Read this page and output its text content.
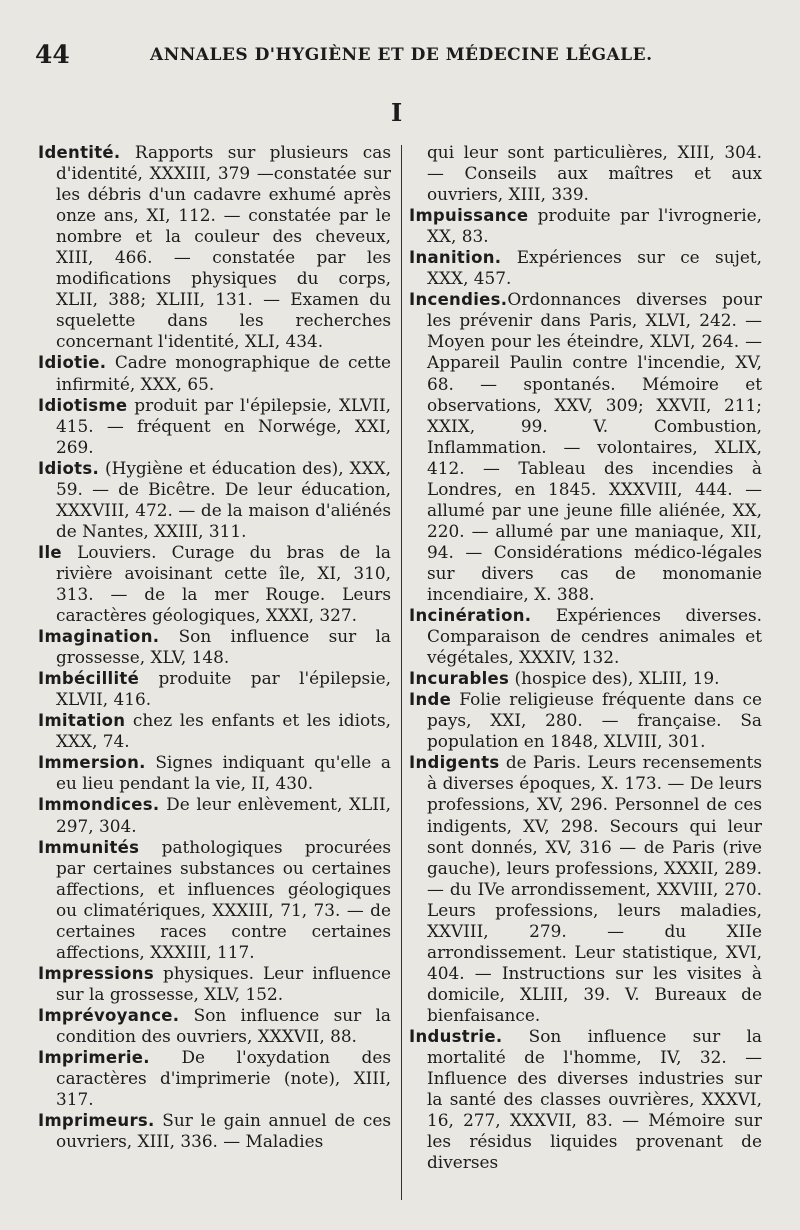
44	ANNALES D'HYGIÈNE ET DE MÉDECINE LÉGALE.
I

Identité. Rapports sur plusieurs cas d'identité, XXXIII, 379 —constatée sur les débris d'un cadavre exhumé après onze ans, XI, 112. — constatée par le nombre et la couleur des cheveux, XIII, 466. — constatée par les modifications physiques du corps, XLII, 388; XLIII, 131. — Examen du squelette dans les recherches concernant l'identité, XLI, 434.

Idiotie. Cadre monographique de cette infirmité, XXX, 65.

Idiotisme produit par l'épilepsie, XLVII, 415. — fréquent en Norwége, XXI, 269.

Idiots. (Hygiène et éducation des), XXX, 59. — de Bicêtre. De leur éducation, XXXVIII, 472. — de la maison d'aliénés de Nantes, XXIII, 311.

Ile Louviers. Curage du bras de la rivière avoisinant cette île, XI, 310, 313. — de la mer Rouge. Leurs caractères géologiques, XXXI, 327.

Imagination. Son influence sur la grossesse, XLV, 148.

Imbécillité produite par l'épilepsie, XLVII, 416.

Imitation chez les enfants et les idiots, XXX, 74.

Immersion. Signes indiquant qu'elle a eu lieu pendant la vie, II, 430.

Immondices. De leur enlèvement, XLII, 297, 304.

Immunités pathologiques procurées par certaines substances ou certaines affections, et influences géologiques ou climatériques, XXXIII, 71, 73. — de certaines races contre certaines affections, XXXIII, 117.

Impressions physiques. Leur influence sur la grossesse, XLV, 152.

Imprévoyance. Son influence sur la condition des ouvriers, XXXVII, 88.

Imprimerie. De l'oxydation des caractères d'imprimerie (note), XIII, 317.

Imprimeurs. Sur le gain annuel de ces ouvriers, XIII, 336. — Maladies

qui leur sont particulières, XIII, 304. — Conseils aux maîtres et aux ouvriers, XIII, 339.

Impuissance produite par l'ivrognerie, XX, 83.

Inanition. Expériences sur ce sujet, XXX, 457.

Incendies.Ordonnances diverses pour les prévenir dans Paris, XLVI, 242. — Moyen pour les éteindre, XLVI, 264. — Appareil Paulin contre l'incendie, XV, 68. — spontanés. Mémoire et observations, XXV, 309; XXVII, 211; XXIX, 99. V. Combustion, Inflammation. — volontaires, XLIX, 412. — Tableau des incendies à Londres, en 1845. XXXVIII, 444. — allumé par une jeune fille aliénée, XX, 220. — allumé par une maniaque, XII, 94. — Considérations médico-légales sur divers cas de monomanie incendiaire, X. 388.

Incinération. Expériences diverses. Comparaison de cendres animales et végétales, XXXIV, 132.

Incurables (hospice des), XLIII, 19.

Inde Folie religieuse fréquente dans ce pays, XXI, 280. — française. Sa population en 1848, XLVIII, 301.

Indigents de Paris. Leurs recensements à diverses époques, X. 173. — De leurs professions, XV, 296. Personnel de ces indigents, XV, 298. Secours qui leur sont donnés, XV, 316 — de Paris (rive gauche), leurs professions, XXXII, 289. — du IVe arrondissement, XXVIII, 270. Leurs professions, leurs maladies, XXVIII, 279. — du XIIe arrondissement. Leur statistique, XVI, 404. — Instructions sur les visites à domicile, XLIII, 39. V. Bureaux de bienfaisance.

Industrie. Son influence sur la mortalité de l'homme, IV, 32. — Influence des diverses industries sur la santé des classes ouvrières, XXXVI, 16, 277, XXXVII, 83. — Mémoire sur les résidus liquides provenant de diverses
